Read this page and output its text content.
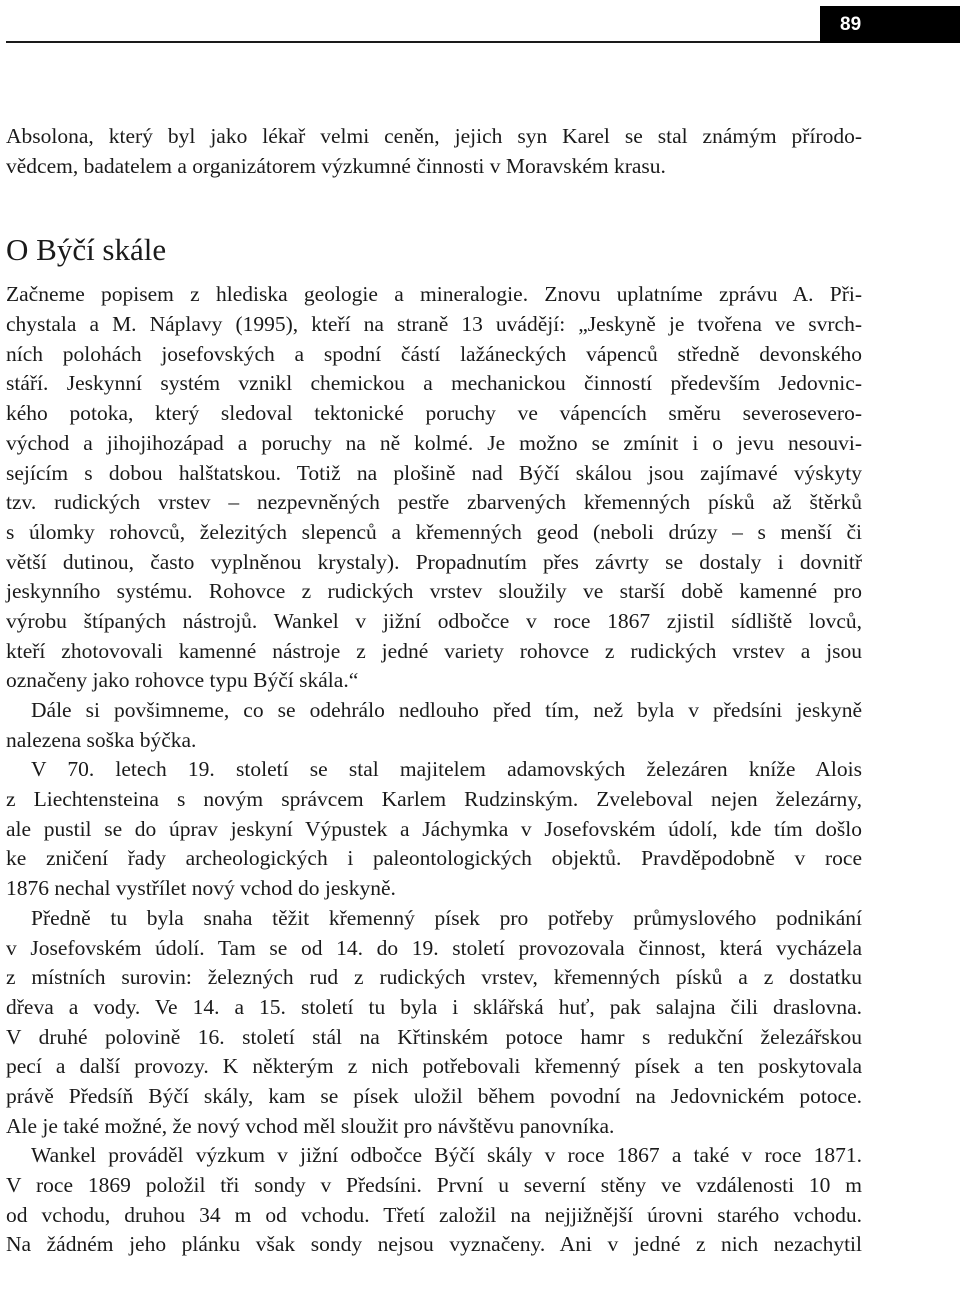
89
Absolona, který byl jako lékař velmi ceněn, jejich syn Karel se stal známým přírodo-
vědcem, badatelem a organizátorem výzkumné činnosti v Moravském krasu.
O Býčí skále
Začneme popisem z hlediska geologie a mineralogie. Znovu uplatníme zprávu A. Při-
chystala a M. Náplavy (1995), kteří na straně 13 uvádějí: „Jeskyně je tvořena ve svrch-
ních polohách josefovských a spodní částí lažáneckých vápenců středně devonského
stáří. Jeskynní systém vznikl chemickou a mechanickou činností především Jedovnic-
kého potoka, který sledoval tektonické poruchy ve vápencích směru severosevero-
východ a jihojihozápad a poruchy na ně kolmé. Je možno se zmínit i o jevu nesouvi-
sejícím s dobou halštatskou. Totiž na plošině nad Býčí skálou jsou zajímavé výskyty
tzv. rudických vrstev – nezpevněných pestře zbarvených křemenných písků až štěrků
s úlomky rohovců, železitých slepenců a křemenných geod (neboli drúzy – s menší či
větší dutinou, často vyplněnou krystaly). Propadnutím přes závrty se dostaly i dovnitř
jeskynního systému. Rohovce z rudických vrstev sloužily ve starší době kamenné pro
výrobu štípaných nástrojů. Wankel v jižní odbočce v roce 1867 zjistil sídliště lovců,
kteří zhotovovali kamenné nástroje z jedné variety rohovce z rudických vrstev a jsou
označeny jako rohovce typu Býčí skála.“
Dále si povšimneme, co se odehrálo nedlouho před tím, než byla v předsíni jeskyně
nalezena soška býčka.
V 70. letech 19. století se stal majitelem adamovských železáren kníže Alois
z Liechtensteina s novým správcem Karlem Rudzinským. Zveleboval nejen železárny,
ale pustil se do úprav jeskyní Výpustek a Jáchymka v Josefovském údolí, kde tím došlo
ke zničení řady archeologických i paleontologických objektů. Pravděpodobně v roce
1876 nechal vystřílet nový vchod do jeskyně.
Předně tu byla snaha těžit křemenný písek pro potřeby průmyslového podnikání
v Josefovském údolí. Tam se od 14. do 19. století provozovala činnost, která vycházela
z místních surovin: železných rud z rudických vrstev, křemenných písků a z dostatku
dřeva a vody. Ve 14. a 15. století tu byla i sklářská huť, pak salajna čili draslovna.
V druhé polovině 16. století stál na Křtinském potoce hamr s redukční železářskou
pecí a další provozy. K některým z nich potřebovali křemenný písek a ten poskytovala
právě Předsíň Býčí skály, kam se písek uložil během povodní na Jedovnickém potoce.
Ale je také možné, že nový vchod měl sloužit pro návštěvu panovníka.
Wankel prováděl výzkum v jižní odbočce Býčí skály v roce 1867 a také v roce 1871.
V roce 1869 položil tři sondy v Předsíni. První u severní stěny ve vzdálenosti 10 m
od vchodu, druhou 34 m od vchodu. Třetí založil na nejjižnější úrovni starého vchodu.
Na žádném jeho plánku však sondy nejsou vyznačeny. Ani v jedné z nich nezachytil
